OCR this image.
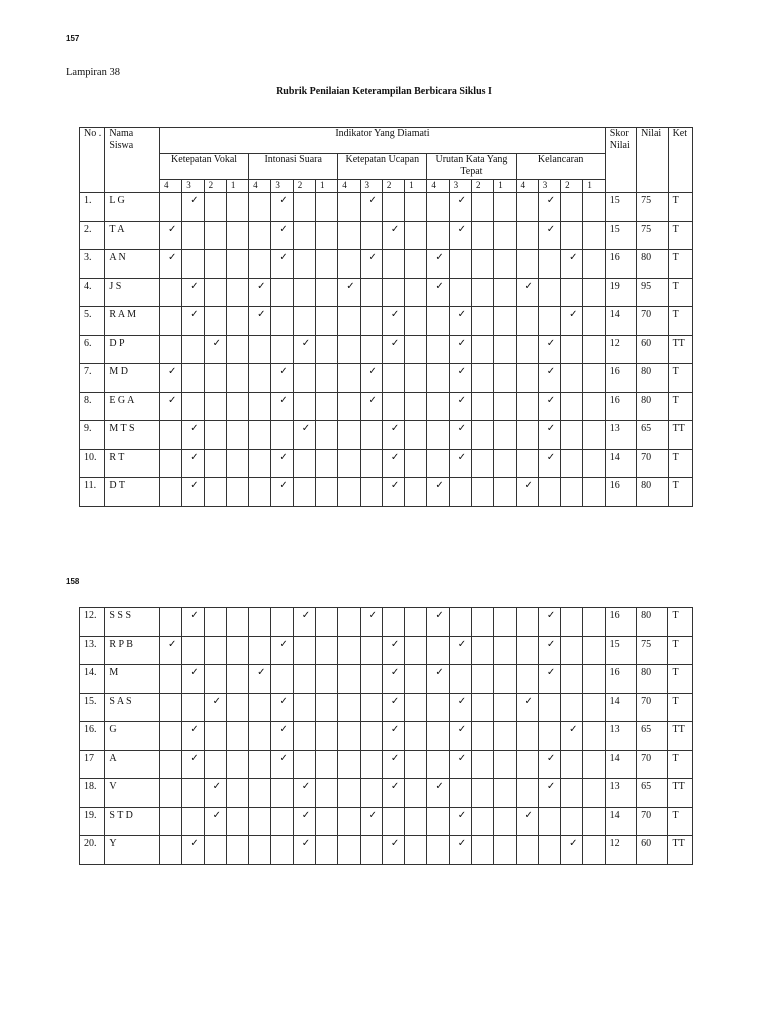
157
Lampiran 38
Rubrik Penilaian Keterampilan Berbicara Siklus I
No .	Nama Siswa	Indikator Yang Diamati																				Skor Nilai	Nilai	Ket
		Ketepatan Vokal				Intonasi Suara				Ketepatan Ucapan				Urutan Kata Yang Tepat				Kelancaran						
		4	3	2	1	4	3	2	1	4	3	2	1	4	3	2	1	4	3	2	1			
1.	L G		✓				✓				✓				✓				✓			15	75	T
2.	T A	✓					✓					✓			✓				✓			15	75	T
3.	A N	✓					✓				✓			✓						✓		16	80	T
4.	J S		✓			✓				✓				✓				✓				19	95	T
5.	R A M		✓			✓						✓			✓					✓		14	70	T
6.	D P			✓				✓				✓			✓				✓			12	60	TT
7.	M D	✓					✓				✓				✓				✓			16	80	T
8.	E G A	✓					✓				✓				✓				✓			16	80	T
9.	M T S		✓					✓				✓			✓				✓			13	65	TT
10.	R T		✓				✓					✓			✓				✓			14	70	T
11.	D T		✓				✓					✓		✓				✓				16	80	T
158
12.	S S S		✓					✓			✓			✓					✓			16	80	T
13.	R P B	✓					✓					✓			✓				✓			15	75	T
14.	M		✓			✓						✓		✓					✓			16	80	T
15.	S A S			✓			✓					✓			✓			✓				14	70	T
16.	G		✓				✓					✓			✓					✓		13	65	TT
17	A		✓				✓					✓			✓				✓			14	70	T
18.	V			✓				✓				✓		✓					✓			13	65	TT
19.	S T D			✓				✓			✓				✓			✓				14	70	T
20.	Y		✓					✓				✓			✓					✓		12	60	TT
